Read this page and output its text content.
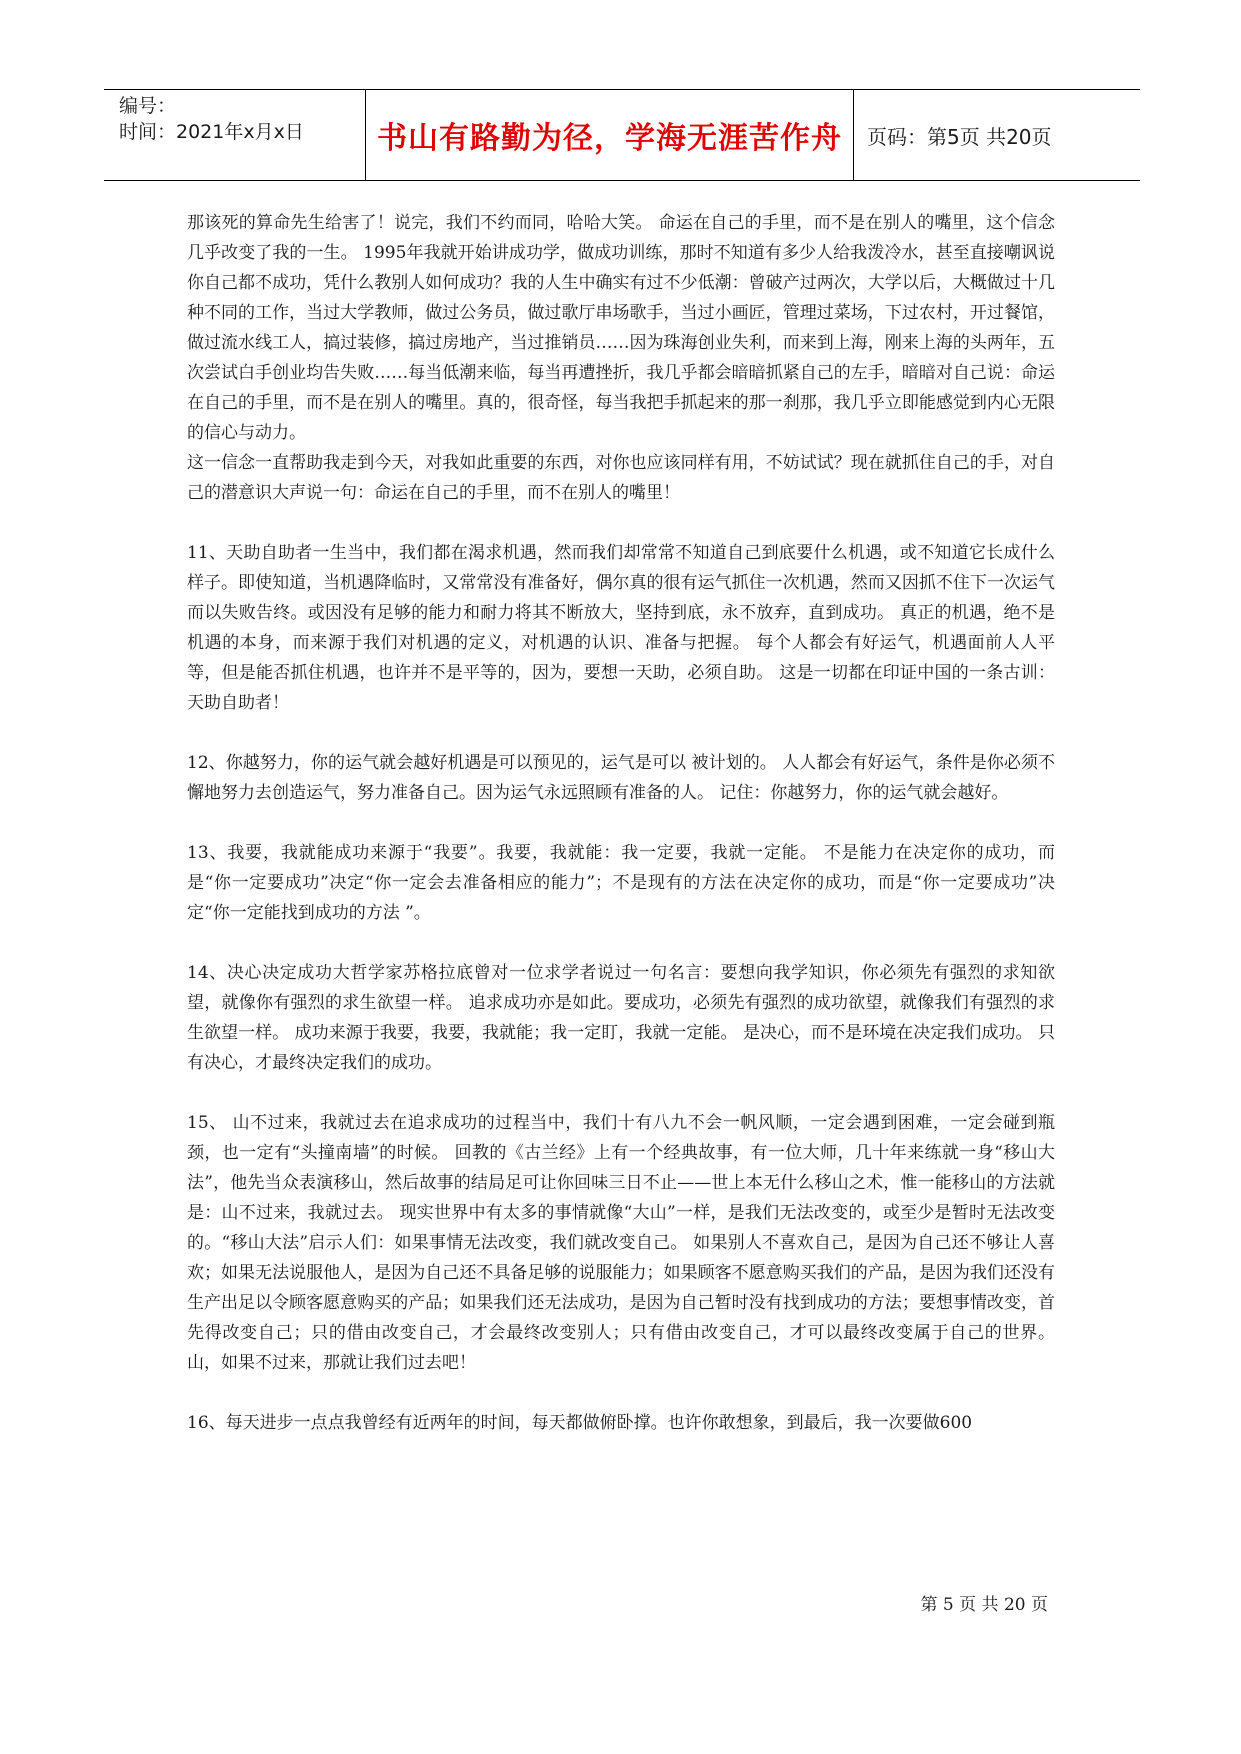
编号：
时间：2021年x月x日	书山有路勤为径，学海无涯苦作舟 页码：第5页 共20页

那该死的算命先生给害了！说完，我们不约而同，哈哈大笑。 命运在自己的手里，而不是在别人的嘴里，这个信念几乎改变了我的一生。 1995年我就开始讲成功学，做成功训练，那时不知道有多少人给我泼冷水，甚至直接嘲讽说你自己都不成功，凭什么教别人如何成功？我的人生中确实有过不少低潮：曾破产过两次，大学以后，大概做过十几种不同的工作，当过大学教师，做过公务员，做过歌厅串场歌手，当过小画匠，管理过菜场，下过农村，开过餐馆，做过流水线工人，搞过装修，搞过房地产，当过推销员……因为珠海创业失利，而来到上海，刚来上海的头两年，五次尝试白手创业均告失败……每当低潮来临，每当再遭挫折，我几乎都会暗暗抓紧自己的左手，暗暗对自己说：命运在自己的手里，而不是在别人的嘴里。真的，很奇怪，每当我把手抓起来的那一刹那，我几乎立即能感觉到内心无限的信心与动力。

这一信念一直帮助我走到今天，对我如此重要的东西，对你也应该同样有用，不妨试试？现在就抓住自己的手，对自己的潜意识大声说一句：命运在自己的手里，而不在别人的嘴里！

11、天助自助者一生当中，我们都在渴求机遇，然而我们却常常不知道自己到底要什么机遇，或不知道它长成什么样子。即使知道，当机遇降临时，又常常没有准备好，偶尔真的很有运气抓住一次机遇，然而又因抓不住下一次运气而以失败告终。或因没有足够的能力和耐力将其不断放大，坚持到底，永不放弃，直到成功。 真正的机遇，绝不是机遇的本身，而来源于我们对机遇的定义，对机遇的认识、准备与把握。 每个人都会有好运气，机遇面前人人平等，但是能否抓住机遇，也许并不是平等的，因为，要想一天助，必须自助。 这是一切都在印证中国的一条古训：天助自助者！

12、你越努力，你的运气就会越好机遇是可以预见的，运气是可以 被计划的。 人人都会有好运气，条件是你必须不懈地努力去创造运气，努力准备自己。因为运气永远照顾有准备的人。 记住：你越努力，你的运气就会越好。

13、我要，我就能成功来源于“我要”。我要，我就能：我一定要，我就一定能。 不是能力在决定你的成功，而是“你一定要成功”决定“你一定会去准备相应的能力”；不是现有的方法在决定你的成功，而是“你一定要成功”决定“你一定能找到成功的方法 ”。

14、决心决定成功大哲学家苏格拉底曾对一位求学者说过一句名言：要想向我学知识，你必须先有强烈的求知欲望，就像你有强烈的求生欲望一样。 追求成功亦是如此。要成功，必须先有强烈的成功欲望，就像我们有强烈的求生欲望一样。 成功来源于我要，我要，我就能；我一定盯，我就一定能。 是决心，而不是环境在决定我们成功。 只有决心，才最终决定我们的成功。

15、 山不过来，我就过去在追求成功的过程当中，我们十有八九不会一帆风顺，一定会遇到困难，一定会碰到瓶颈，也一定有“头撞南墙”的时候。 回教的《古兰经》上有一个经典故事，有一位大师，几十年来练就一身“移山大法”，他先当众表演移山，然后故事的结局足可让你回味三日不止——世上本无什么移山之术，惟一能移山的方法就是：山不过来，我就过去。 现实世界中有太多的事情就像“大山”一样，是我们无法改变的，或至少是暂时无法改变的。“移山大法”启示人们：如果事情无法改变，我们就改变自己。 如果别人不喜欢自己，是因为自己还不够让人喜欢；如果无法说服他人，是因为自己还不具备足够的说服能力；如果顾客不愿意购买我们的产品，是因为我们还没有生产出足以令顾客愿意购买的产品；如果我们还无法成功，是因为自己暂时没有找到成功的方法；要想事情改变，首先得改变自己；只的借由改变自己，才会最终改变别人；只有借由改变自己，才可以最终改变属于自己的世界。 山，如果不过来，那就让我们过去吧！

16、每天进步一点点我曾经有近两年的时间，每天都做俯卧撑。也许你敢想象，到最后，我一次要做600

第 5 页 共 20 页
